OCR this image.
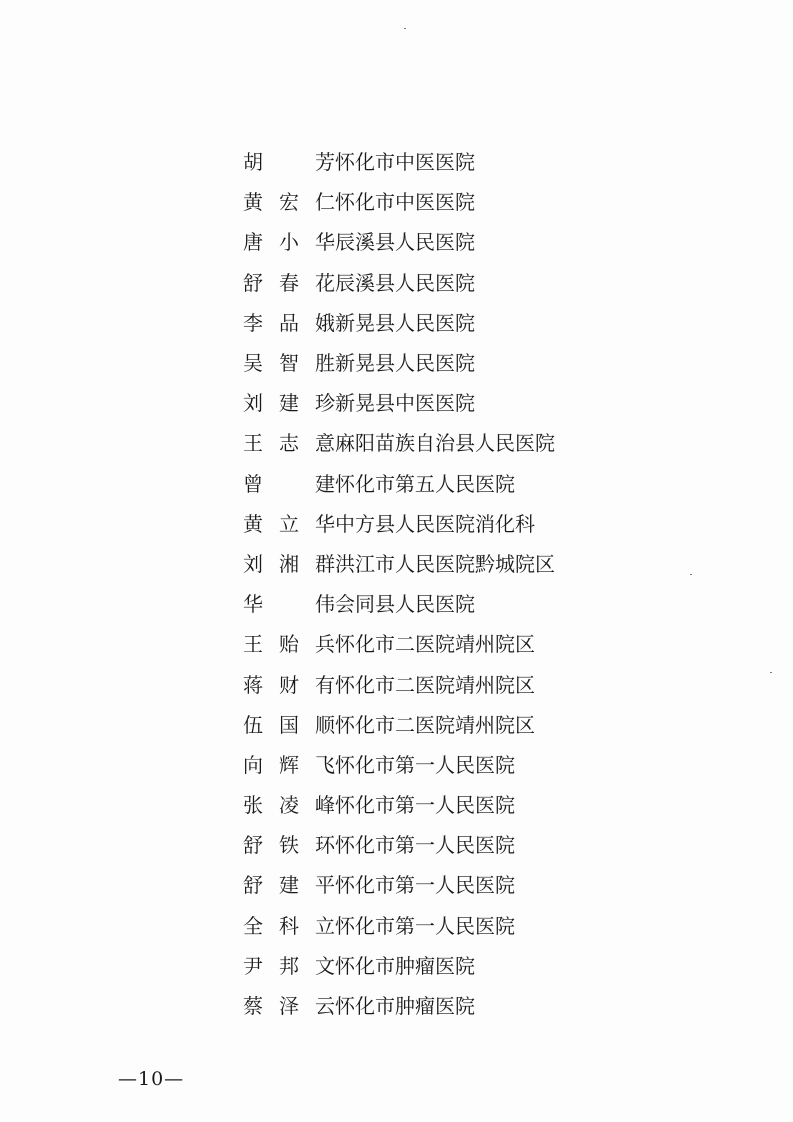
胡　芳 怀化市中医医院
黄宏仁 怀化市中医医院
唐小华 辰溪县人民医院
舒春花 辰溪县人民医院
李品娥 新晃县人民医院
吴智胜 新晃县人民医院
刘建珍 新晃县中医医院
王志意 麻阳苗族自治县人民医院
曾　建 怀化市第五人民医院
黄立华 中方县人民医院消化科
刘湘群 洪江市人民医院黔城院区
华　伟 会同县人民医院
王贻兵 怀化市二医院靖州院区
蒋财有 怀化市二医院靖州院区
伍国顺 怀化市二医院靖州院区
向辉飞 怀化市第一人民医院
张凌峰 怀化市第一人民医院
舒铁环 怀化市第一人民医院
舒建平 怀化市第一人民医院
全科立 怀化市第一人民医院
尹邦文 怀化市肿瘤医院
蔡泽云 怀化市肿瘤医院
—10—
